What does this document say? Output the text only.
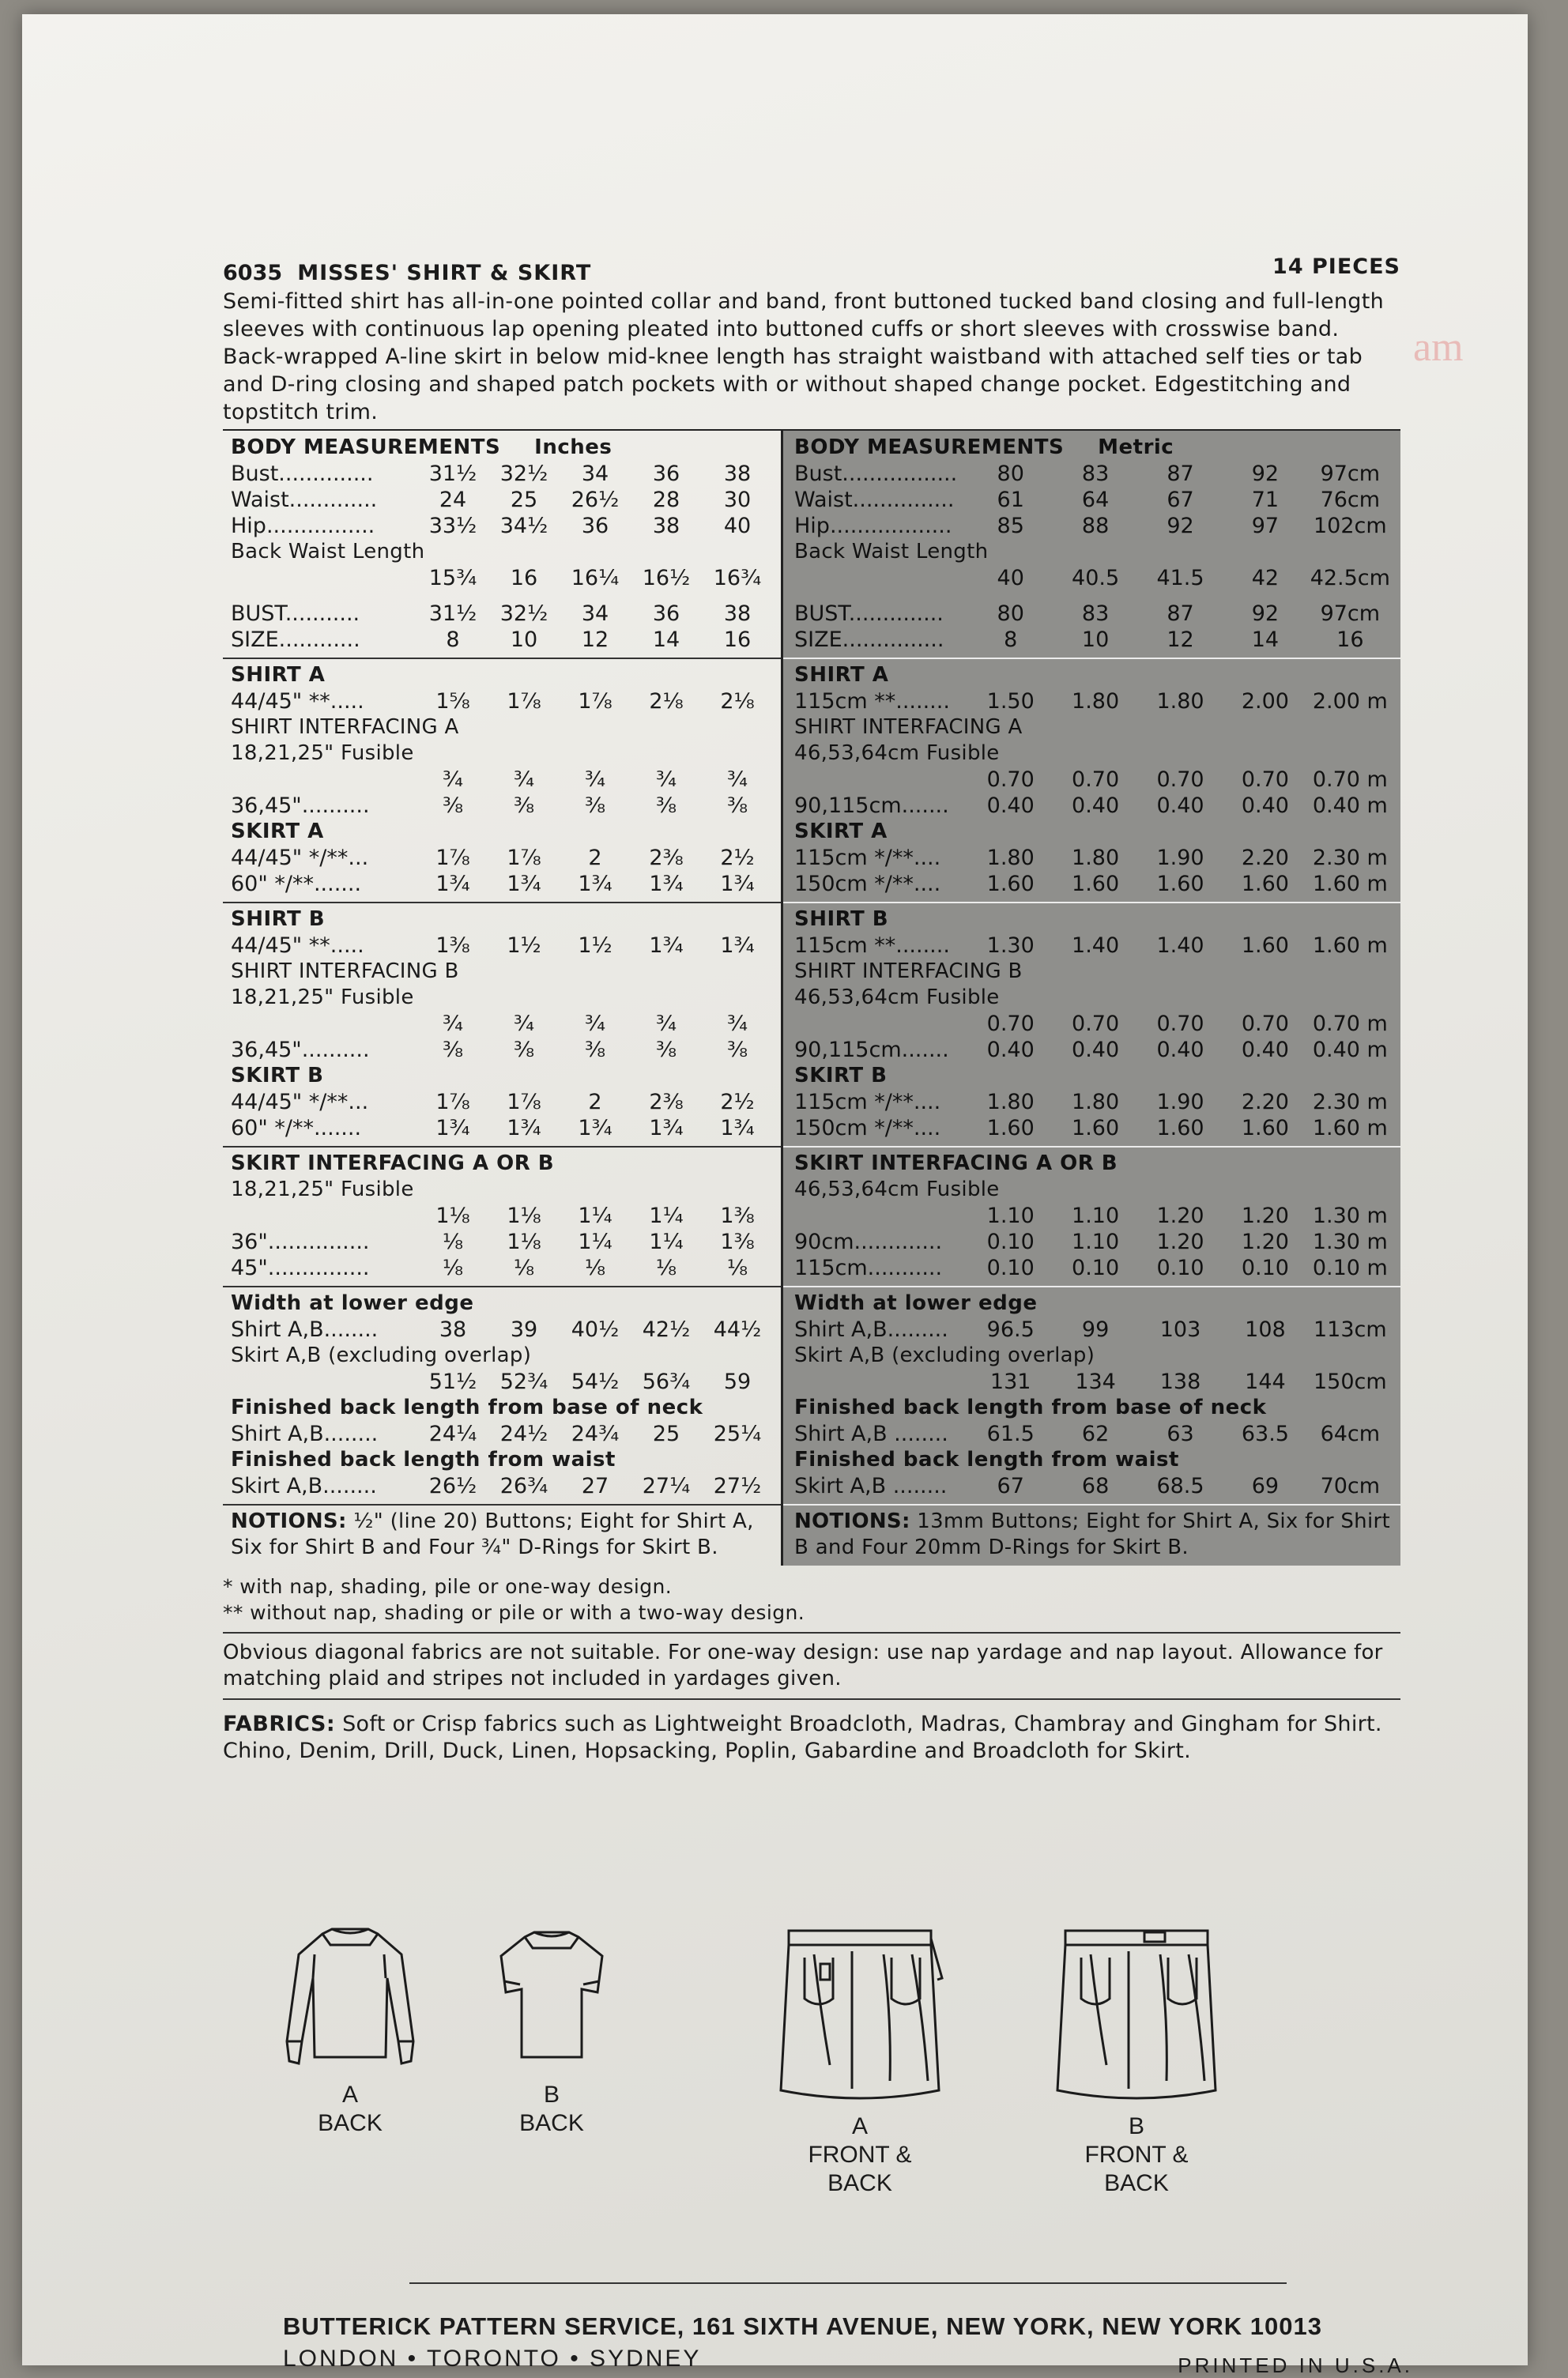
am
6035 MISSES' SHIRT & SKIRT	14 PIECES

Semi-fitted shirt has all-in-one pointed collar and band, front buttoned tucked band closing and full-length sleeves with continuous lap opening pleated into buttoned cuffs or short sleeves with crosswise band. Back-wrapped A-line skirt in below mid-knee length has straight waistband with attached self ties or tab and D-ring closing and shaped patch pockets with or without shaped change pocket. Edgestitching and topstitch trim.

BODY MEASUREMENTS
Inches
Bust..............	31½	32½	34	36	38
Waist.............	24	25	26½	28	30
Hip................	33½	34½	36	38	40
Back Waist Length
15¾	16	16¼	16½	16¾
BUST...........	31½	32½	34	36	38
SIZE............	8	10	12	14	16
SHIRT A
44/45" **.....	1⅝	1⅞	1⅞	2⅛	2⅛
SHIRT INTERFACING A
18,21,25" Fusible
¾	¾	¾	¾	¾
36,45"..........	⅜	⅜	⅜	⅜	⅜
SKIRT A
44/45" */**...	1⅞	1⅞	2	2⅜	2½
60" */**.......	1¾	1¾	1¾	1¾	1¾
SHIRT B
44/45" **.....	1⅜	1½	1½	1¾	1¾
SHIRT INTERFACING B
18,21,25" Fusible
¾	¾	¾	¾	¾
36,45"..........	⅜	⅜	⅜	⅜	⅜
SKIRT B
44/45" */**...	1⅞	1⅞	2	2⅜	2½
60" */**.......	1¾	1¾	1¾	1¾	1¾
SKIRT INTERFACING A OR B
18,21,25" Fusible
1⅛	1⅛	1¼	1¼	1⅜
36"...............	⅛	1⅛	1¼	1¼	1⅜
45"...............	⅛	⅛	⅛	⅛	⅛
Width at lower edge
Shirt A,B........	38	39	40½	42½	44½
Skirt A,B (excluding overlap)
51½	52¾	54½	56¾	59
Finished back length from base of neck
Shirt A,B........	24¼	24½	24¾	25	25¼
Finished back length from waist
Skirt A,B........	26½	26¾	27	27¼	27½
NOTIONS: ½" (line 20) Buttons; Eight for Shirt A, Six for Shirt B and Four ¾" D-Rings for Skirt B.
BODY MEASUREMENTS
Metric
Bust.................	80	83	87	92	97cm
Waist...............	61	64	67	71	76cm
Hip..................	85	88	92	97	102cm
Back Waist Length
40	40.5	41.5	42	42.5cm
BUST..............	80	83	87	92	97cm
SIZE...............	8	10	12	14	16
SHIRT A
115cm **........	1.50	1.80	1.80	2.00	2.00 m
SHIRT INTERFACING A
46,53,64cm Fusible
0.70	0.70	0.70	0.70	0.70 m
90,115cm.......	0.40	0.40	0.40	0.40	0.40 m
SKIRT A
115cm */**....	1.80	1.80	1.90	2.20	2.30 m
150cm */**....	1.60	1.60	1.60	1.60	1.60 m
SHIRT B
115cm **........	1.30	1.40	1.40	1.60	1.60 m
SHIRT INTERFACING B
46,53,64cm Fusible
0.70	0.70	0.70	0.70	0.70 m
90,115cm.......	0.40	0.40	0.40	0.40	0.40 m
SKIRT B
115cm */**....	1.80	1.80	1.90	2.20	2.30 m
150cm */**....	1.60	1.60	1.60	1.60	1.60 m
SKIRT INTERFACING A OR B
46,53,64cm Fusible
1.10	1.10	1.20	1.20	1.30 m
90cm.............	0.10	1.10	1.20	1.20	1.30 m
115cm...........	0.10	0.10	0.10	0.10	0.10 m
Width at lower edge
Shirt A,B.........	96.5	99	103	108	113cm
Skirt A,B (excluding overlap)
131	134	138	144	150cm
Finished back length from base of neck
Shirt A,B ........	61.5	62	63	63.5	64cm
Finished back length from waist
Skirt A,B ........	67	68	68.5	69	70cm
NOTIONS: 13mm Buttons; Eight for Shirt A, Six for Shirt B and Four 20mm D-Rings for Skirt B.

* with nap, shading, pile or one-way design.

** without nap, shading or pile or with a two-way design.

Obvious diagonal fabrics are not suitable. For one-way design: use nap yardage and nap layout. Allowance for matching plaid and stripes not included in yardages given.
FABRICS: Soft or Crisp fabrics such as Lightweight Broadcloth, Madras, Chambray and Gingham for Shirt. Chino, Denim, Drill, Duck, Linen, Hopsacking, Poplin, Gabardine and Broadcloth for Skirt.
A
BACK
B
BACK	A
FRONT & BACK
B
FRONT & BACK
BUTTERICK PATTERN SERVICE, 161 SIXTH AVENUE, NEW YORK, NEW YORK 10013
LONDON • TORONTO • SYDNEY	PRINTED IN U.S.A.
